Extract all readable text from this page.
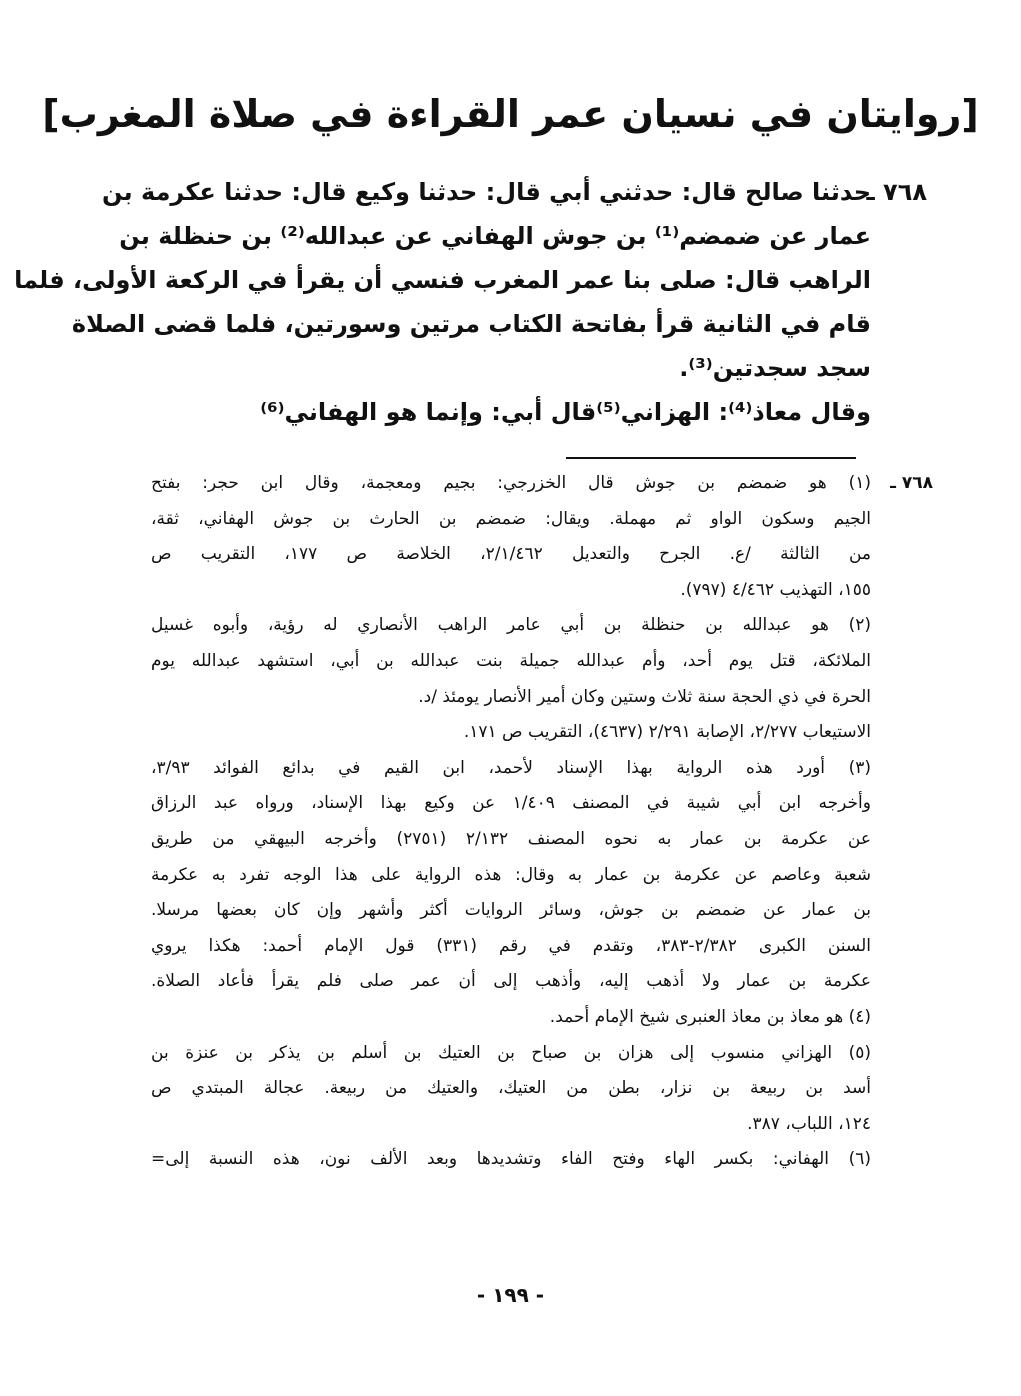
[روايتان في نسيان عمر القراءة في صلاة المغرب]
٧٦٨ ـ
حدثنا صالح قال: حدثني أبي قال: حدثنا وكيع قال: حدثنا عكرمة بن
عمار عن ضمضم⁽¹⁾ بن جوش الهفاني عن عبدالله⁽²⁾ بن حنظلة بن
الراهب قال: صلى بنا عمر المغرب فنسي أن يقرأ في الركعة الأولى، فلما
قام في الثانية قرأ بفاتحة الكتاب مرتين وسورتين، فلما قضى الصلاة
سجد سجدتين⁽³⁾.
وقال معاذ⁽⁴⁾: الهزاني⁽⁵⁾قال أبي: وإنما هو الهفاني⁽⁶⁾
٧٦٨ ـ
(١) هو ضمضم بن جوش قال الخزرجي: بجيم ومعجمة، وقال ابن حجر: بفتح
الجيم وسكون الواو ثم مهملة. ويقال: ضمضم بن الحارث بن جوش الهفاني، ثقة،
من الثالثة /ع. الجرح والتعديل ٢/١/٤٦٢، الخلاصة ص ١٧٧، التقريب ص
١٥٥، التهذيب ٤/٤٦٢ (٧٩٧).
(٢) هو عبدالله بن حنظلة بن أبي عامر الراهب الأنصاري له رؤية، وأبوه غسيل
الملائكة، قتل يوم أحد، وأم عبدالله جميلة بنت عبدالله بن أبي، استشهد عبدالله يوم
الحرة في ذي الحجة سنة ثلاث وستين وكان أمير الأنصار يومئذ /د.
الاستيعاب ٢/٢٧٧، الإصابة ٢/٢٩١ (٤٦٣٧)، التقريب ص ١٧١.
(٣) أورد هذه الرواية بهذا الإسناد لأحمد، ابن القيم في بدائع الفوائد ٣/٩٣،
وأخرجه ابن أبي شيبة في المصنف ١/٤٠٩ عن وكيع بهذا الإسناد، ورواه عبد الرزاق
عن عكرمة بن عمار به نحوه المصنف ٢/١٣٢ (٢٧٥١) وأخرجه البيهقي من طريق
شعبة وعاصم عن عكرمة بن عمار به وقال: هذه الرواية على هذا الوجه تفرد به عكرمة
بن عمار عن ضمضم بن جوش، وسائر الروايات أكثر وأشهر وإن كان بعضها مرسلا.
السنن الكبرى ٢/٣٨٢-٣٨٣، وتقدم في رقم (٣٣١) قول الإمام أحمد: هكذا يروي
عكرمة بن عمار ولا أذهب إليه، وأذهب إلى أن عمر صلى فلم يقرأ فأعاد الصلاة.
(٤) هو معاذ بن معاذ العنبرى شيخ الإمام أحمد.
(٥) الهزاني منسوب إلى هزان بن صباح بن العتيك بن أسلم بن يذكر بن عنزة بن
أسد بن ربيعة بن نزار، بطن من العتيك، والعتيك من ربيعة. عجالة المبتدي ص
١٢٤، اللباب، ٣٨٧.
(٦) الهفاني: بكسر الهاء وفتح الفاء وتشديدها وبعد الألف نون، هذه النسبة إلى=
- ١٩٩ -
